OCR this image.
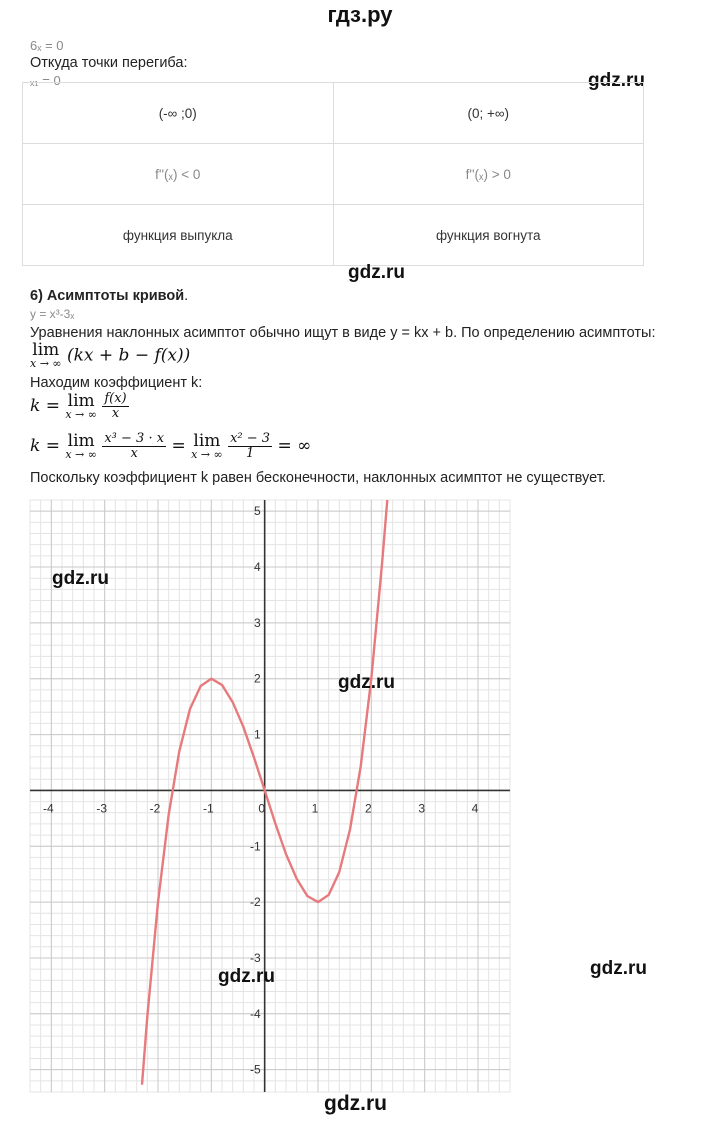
гдз.ру
6ₓ = 0
Откуда точки перегиба:
ₓ₁ = 0	gdz.ru
(-∞ ;0)	(0; +∞)
f''(ₓ) < 0	f''(ₓ) > 0
функция выпукла	функция вогнута
gdz.ru
6) Асимптоты кривой.
y = x³-3ₓ
Уравнения наклонных асимптот обычно ищут в виде y = kx + b. По определению асимптоты:
lim
x → ∞ (kx + b − f(x))
Находим коэффициент k:
k = lim
x → ∞
$\frac{f(x)}{x}$
k = lim
x → ∞
$\frac{\text{x³ − 3 · x}}{x} = \lim$
x → ∞
$\frac{\text{x² − 3}}{1}$ = ∞
Поскольку коэффициент k равен бесконечности, наклонных асимптот не существует.
-4	-3	-2	-1	0	1	2	3	4
-5
-4
-3
-2
-1
1
2
3
4
5
gdz.ru
gdz.ru
gdz.ru
gdz.ru
gdz.ru
